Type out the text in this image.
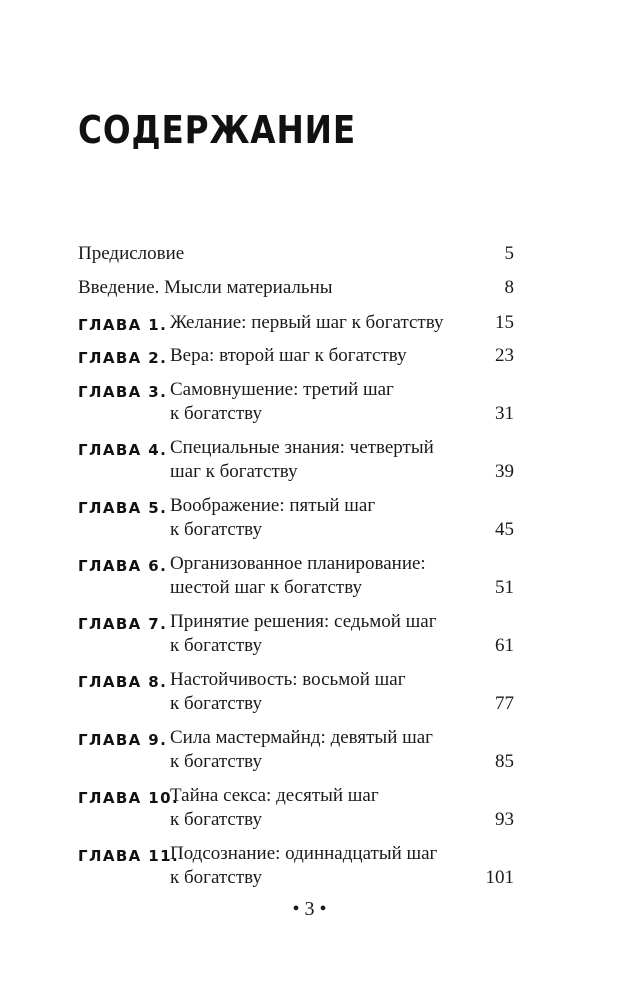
СОДЕРЖАНИЕ
Предисловие	5
Введение. Мысли материальны	8
ГЛАВА 1. Желание: первый шаг к богатству	15
ГЛАВА 2. Вера: второй шаг к богатству	23
ГЛАВА 3. Самовнушение: третий шаг
к богатству	31
ГЛАВА 4. Специальные знания: четвертый
шаг к богатству	39
ГЛАВА 5. Воображение: пятый шаг
к богатству	45
ГЛАВА 6. Организованное планирование:
шестой шаг к богатству	51
ГЛАВА 7. Принятие решения: седьмой шаг
к богатству	61
ГЛАВА 8. Настойчивость: восьмой шаг
к богатству	77
ГЛАВА 9. Сила мастермайнд: девятый шаг
к богатству	85
ГЛАВА 10.
Тайна секса: десятый шаг
к богатству	93
ГЛАВА 11.
Подсознание: одиннадцатый шаг
к богатству	101
• 3 •
